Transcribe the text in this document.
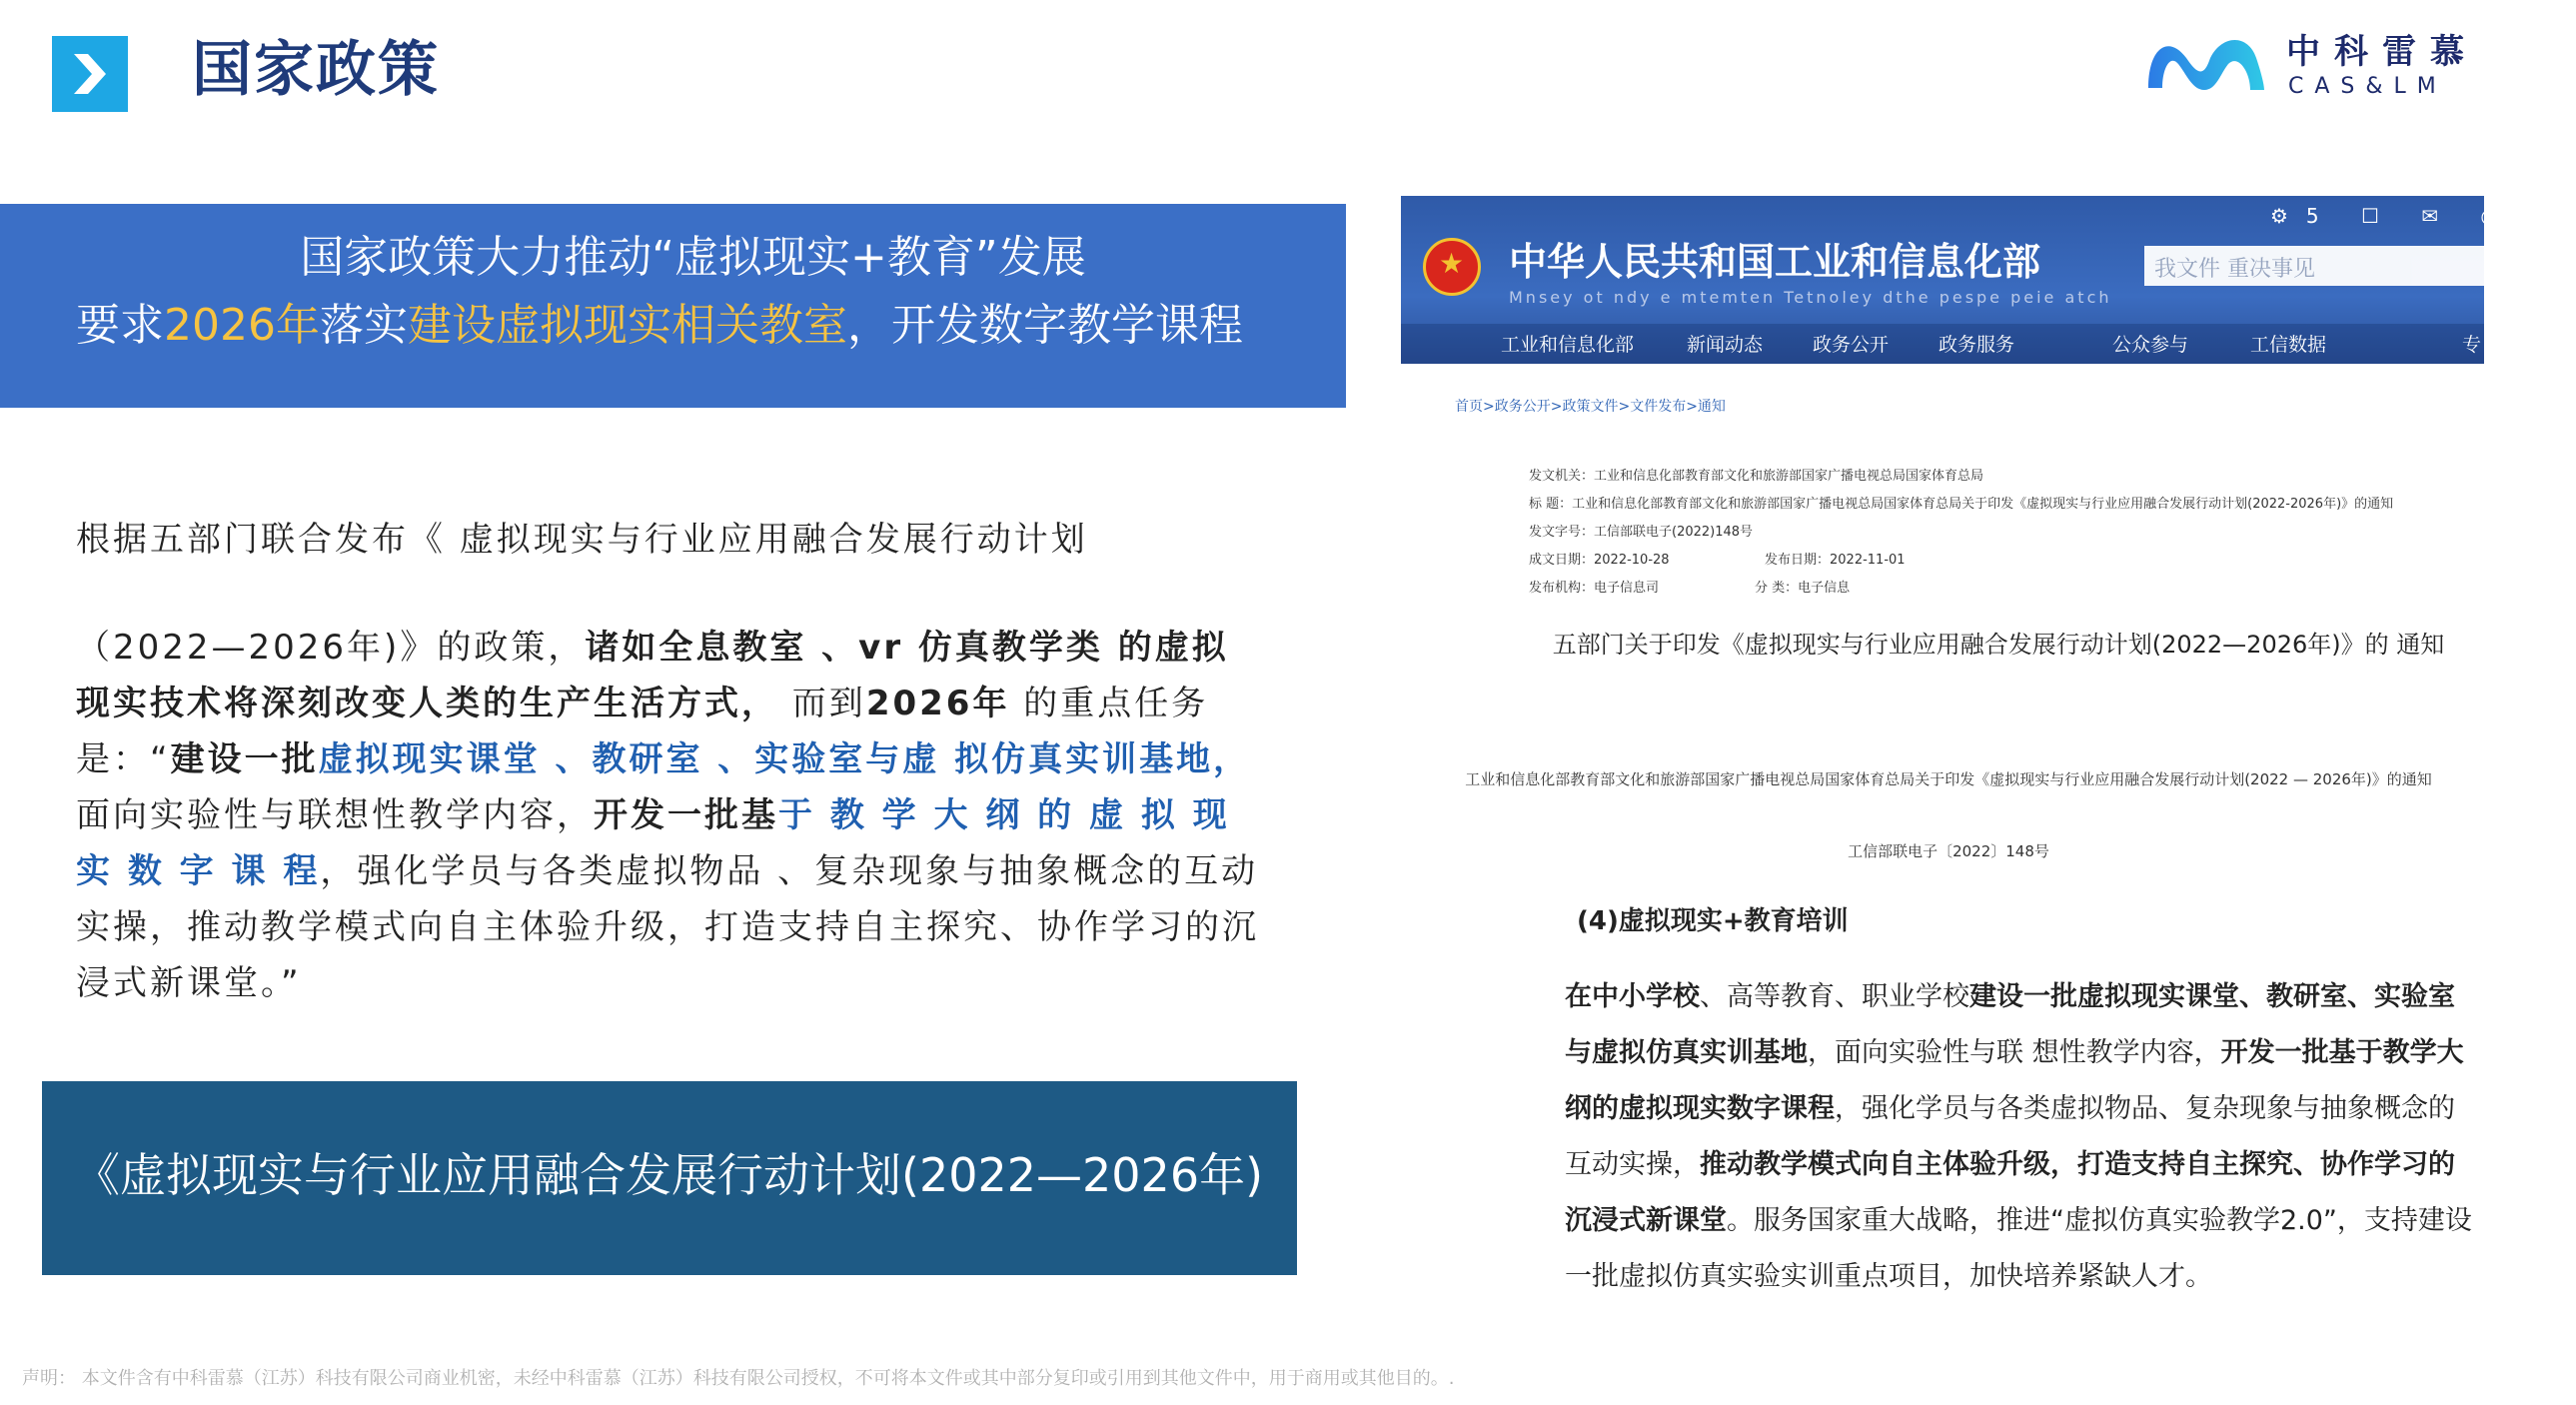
国家政策	中科雷慕
CAS&LM
国家政策大力推动“虚拟现实+教育”发展
要求2026年落实建设虚拟现实相关教室，开发数字教学课程

根据五部门联合发布《 虚拟现实与行业应用融合发展行动计划

（2022—2026年)》的政策，诸如全息教室 、vr 仿真教学类 的虚拟现实技术将深刻改变人类的生产生活方式， 而到2026年 的重点任务是：“建设一批虚拟现实课堂 、教研室 、实验室与虚 拟仿真实训基地，面向实验性与联想性教学内容，开发一批基于 教 学 大 纲 的 虚 拟 现 实 数 字 课 程，强化学员与各类虚拟物品 、复杂现象与抽象概念的互动实操，推动教学模式向自主体验升级，打造支持自主探究、协作学习的沉浸式新课堂。”

《虚拟现实与行业应用融合发展行动计划(2022—2026年)
★
中华人民共和国工业和信息化部
Mnsey ot ndy e mtemten Tetnoley dthe pespe peie atch
⚙5 ☐ ✉ ◎ ◐
我文件 重决事见
工业和信息化部	新闻动态	政务公开	政务服务	公众参与	工信数据	专
首页>政务公开>政策文件>文件发布>通知
发文机关：工业和信息化部教育部文化和旅游部国家广播电视总局国家体育总局
标 题：工业和信息化部教育部文化和旅游部国家广播电视总局国家体育总局关于印发《虚拟现实与行业应用融合发展行动计划(2022-2026年)》的通知
发文字号：工信部联电子(2022)148号
成文日期：2022-10-28	发布日期：2022-11-01
发布机构：电子信息司	分 类：电子信息
五部门关于印发《虚拟现实与行业应用融合发展行动计划(2022—2026年)》的 通知
工业和信息化部教育部文化和旅游部国家广播电视总局国家体育总局关于印发《虚拟现实与行业应用融合发展行动计划(2022 — 2026年)》的通知
工信部联电子〔2022〕148号
(4)虚拟现实+教育培训
在中小学校、高等教育、职业学校建设一批虚拟现实课堂、教研室、实验室与虚拟仿真实训基地，面向实验性与联 想性教学内容，开发一批基于教学大纲的虚拟现实数字课程，强化学员与各类虚拟物品、复杂现象与抽象概念的互动实操，推动教学模式向自主体验升级，打造支持自主探究、协作学习的沉浸式新课堂。服务国家重大战略，推进“虚拟仿真实验教学2.0”，支持建设一批虚拟仿真实验实训重点项目，加快培养紧缺人才。
声明： 本文件含有中科雷慕（江苏）科技有限公司商业机密，未经中科雷慕（江苏）科技有限公司授权，不可将本文件或其中部分复印或引用到其他文件中，用于商用或其他目的。.
